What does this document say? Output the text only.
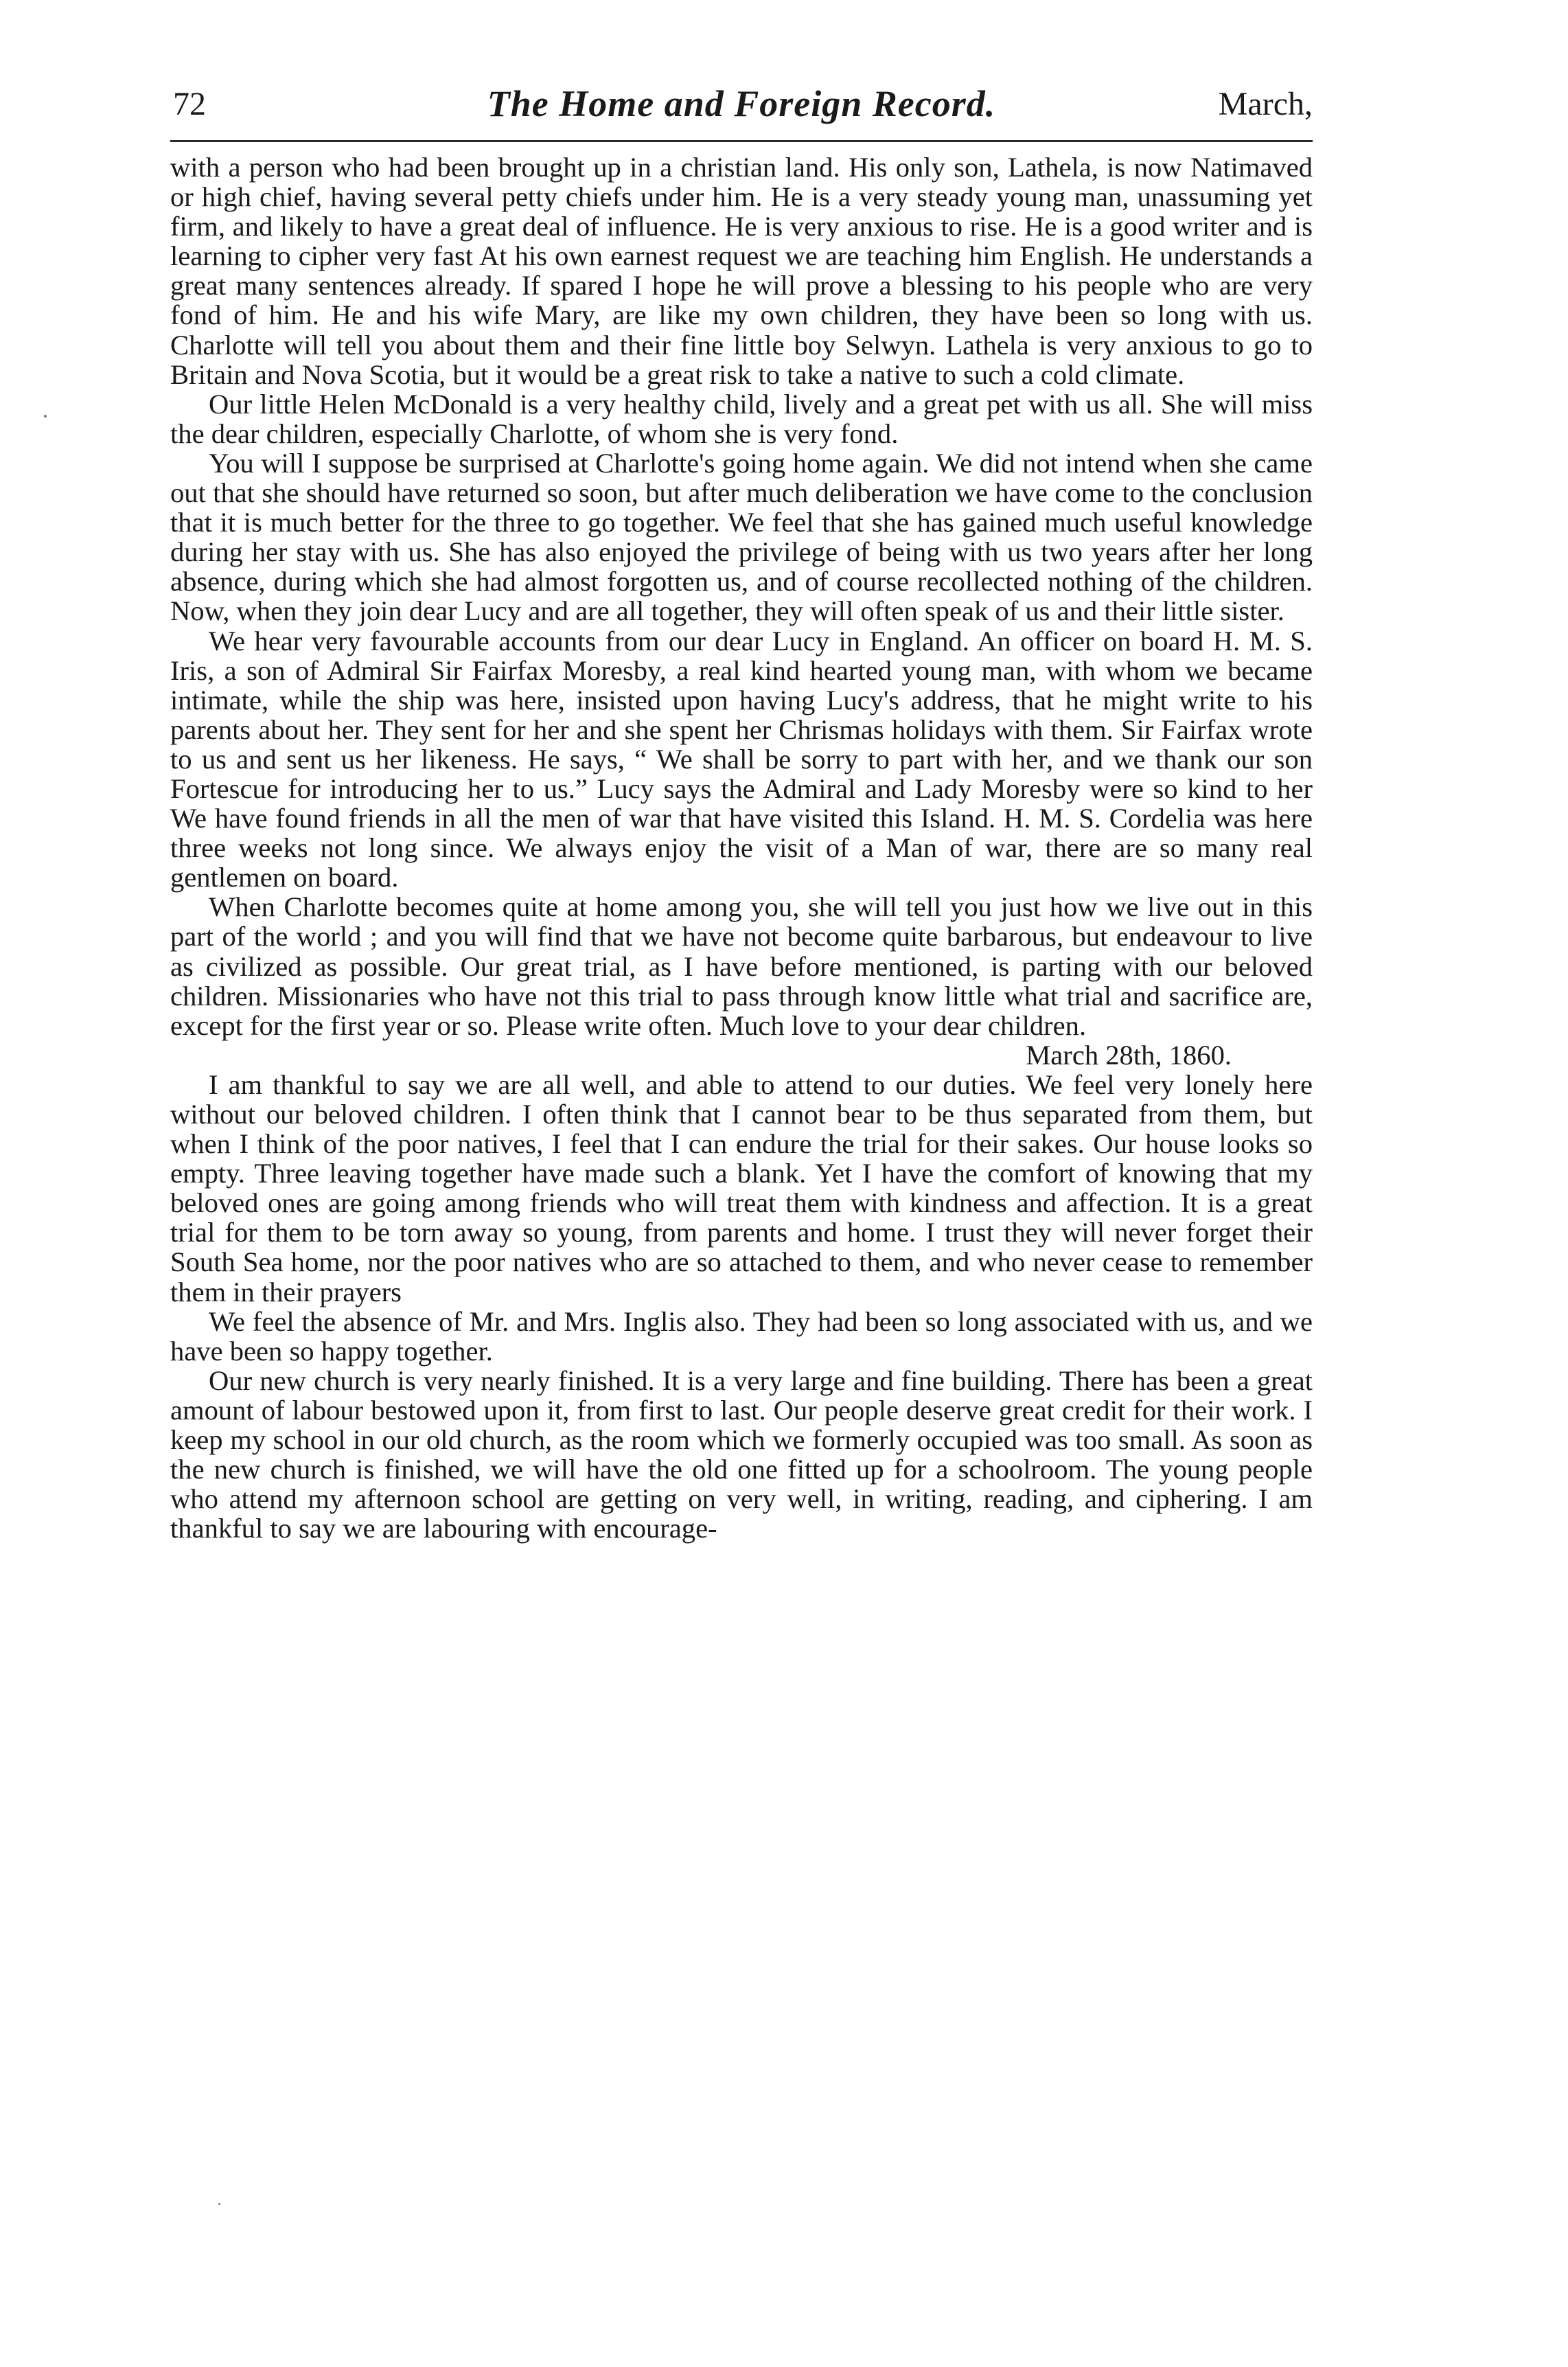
72	The Home and Foreign Record.	March,

with a person who had been brought up in a christian land. His only son, Lathela, is now Natimaved or high chief, having several petty chiefs under him. He is a very steady young man, unassuming yet firm, and likely to have a great deal of influence. He is very anxious to rise. He is a good writer and is learning to cipher very fast At his own earnest request we are teaching him English. He understands a great many sentences already. If spared I hope he will prove a blessing to his people who are very fond of him. He and his wife Mary, are like my own children, they have been so long with us. Charlotte will tell you about them and their fine little boy Selwyn. Lathela is very anxious to go to Britain and Nova Scotia, but it would be a great risk to take a native to such a cold climate.

Our little Helen McDonald is a very healthy child, lively and a great pet with us all. She will miss the dear children, especially Charlotte, of whom she is very fond.

You will I suppose be surprised at Charlotte's going home again. We did not intend when she came out that she should have returned so soon, but after much deliberation we have come to the conclusion that it is much better for the three to go together. We feel that she has gained much useful knowledge during her stay with us. She has also enjoyed the privilege of being with us two years after her long absence, during which she had almost forgotten us, and of course recollected nothing of the children. Now, when they join dear Lucy and are all together, they will often speak of us and their little sister.

We hear very favourable accounts from our dear Lucy in England. An officer on board H. M. S. Iris, a son of Admiral Sir Fairfax Moresby, a real kind hearted young man, with whom we became intimate, while the ship was here, insisted upon having Lucy's address, that he might write to his parents about her. They sent for her and she spent her Chrismas holidays with them. Sir Fairfax wrote to us and sent us her likeness. He says, “ We shall be sorry to part with her, and we thank our son Fortescue for introducing her to us.” Lucy says the Admiral and Lady Moresby were so kind to her We have found friends in all the men of war that have visited this Island. H. M. S. Cordelia was here three weeks not long since. We always enjoy the visit of a Man of war, there are so many real gentlemen on board.

When Charlotte becomes quite at home among you, she will tell you just how we live out in this part of the world ; and you will find that we have not become quite barbarous, but endeavour to live as civilized as possible. Our great trial, as I have before mentioned, is parting with our beloved children. Missionaries who have not this trial to pass through know little what trial and sacrifice are, except for the first year or so. Please write often. Much love to your dear children.

March 28th, 1860.

I am thankful to say we are all well, and able to attend to our duties. We feel very lonely here without our beloved children. I often think that I cannot bear to be thus separated from them, but when I think of the poor natives, I feel that I can endure the trial for their sakes. Our house looks so empty. Three leaving together have made such a blank. Yet I have the comfort of knowing that my beloved ones are going among friends who will treat them with kindness and affection. It is a great trial for them to be torn away so young, from parents and home. I trust they will never forget their South Sea home, nor the poor natives who are so attached to them, and who never cease to remember them in their prayers

We feel the absence of Mr. and Mrs. Inglis also. They had been so long associated with us, and we have been so happy together.

Our new church is very nearly finished. It is a very large and fine building. There has been a great amount of labour bestowed upon it, from first to last. Our people deserve great credit for their work. I keep my school in our old church, as the room which we formerly occupied was too small. As soon as the new church is finished, we will have the old one fitted up for a schoolroom. The young people who attend my afternoon school are getting on very well, in writing, reading, and ciphering. I am thankful to say we are labouring with encourage-
